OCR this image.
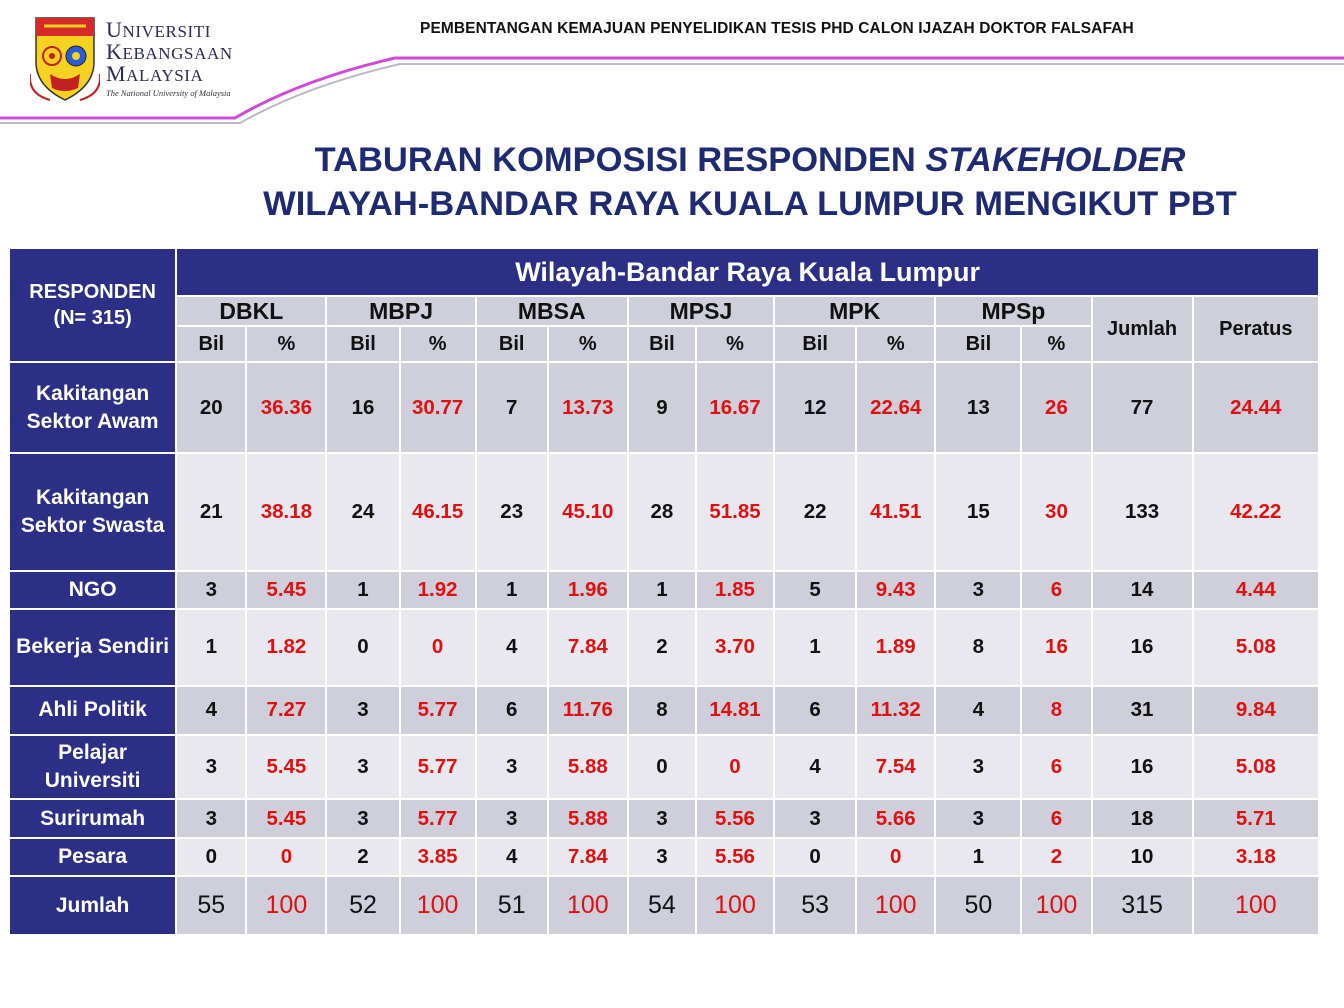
PEMBENTANGAN KEMAJUAN PENYELIDIKAN TESIS PHD CALON IJAZAH DOKTOR FALSAFAH
UNIVERSITI
KEBANGSAAN
MALAYSIA
The National University of Malaysia
TABURAN KOMPOSISI RESPONDEN STAKEHOLDER
WILAYAH-BANDAR RAYA KUALA LUMPUR MENGIKUT PBT
RESPONDEN
(N= 315)	Wilayah-Bandar Raya Kuala Lumpur													
	DBKL		MBPJ		MBSA		MPSJ		MPK		MPSp		Jumlah	Peratus
	Bil	%	Bil	%	Bil	%	Bil	%	Bil	%	Bil	%		
Kakitangan Sektor Awam	20	36.36	16	30.77	7	13.73	9	16.67	12	22.64	13	26	77	24.44
Kakitangan Sektor Swasta	21	38.18	24	46.15	23	45.10	28	51.85	22	41.51	15	30	133	42.22
NGO	3	5.45	1	1.92	1	1.96	1	1.85	5	9.43	3	6	14	4.44
Bekerja Sendiri	1	1.82	0	0	4	7.84	2	3.70	1	1.89	8	16	16	5.08
Ahli Politik	4	7.27	3	5.77	6	11.76	8	14.81	6	11.32	4	8	31	9.84
Pelajar Universiti	3	5.45	3	5.77	3	5.88	0	0	4	7.54	3	6	16	5.08
Surirumah	3	5.45	3	5.77	3	5.88	3	5.56	3	5.66	3	6	18	5.71
Pesara	0	0	2	3.85	4	7.84	3	5.56	0	0	1	2	10	3.18
Jumlah	55	100	52	100	51	100	54	100	53	100	50	100	315	100
